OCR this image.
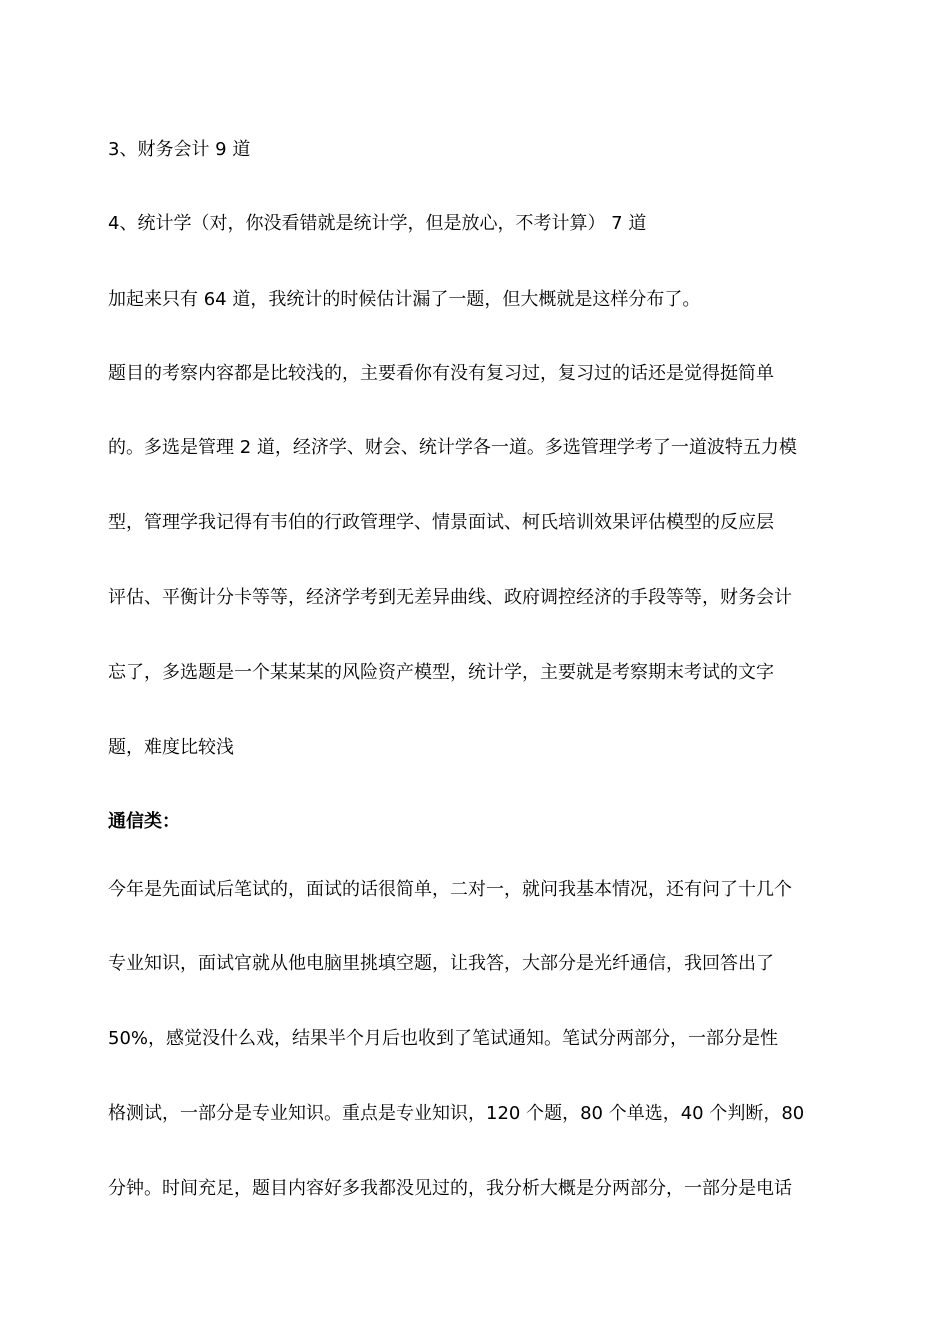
3、财务会计 9 道
4、统计学（对，你没看错就是统计学，但是放心，不考计算） 7 道
加起来只有 64 道，我统计的时候估计漏了一题，但大概就是这样分布了。
题目的考察内容都是比较浅的，主要看你有没有复习过，复习过的话还是觉得挺简单
的。多选是管理 2 道，经济学、财会、统计学各一道。多选管理学考了一道波特五力模
型，管理学我记得有韦伯的行政管理学、情景面试、柯氏培训效果评估模型的反应层
评估、平衡计分卡等等，经济学考到无差异曲线、政府调控经济的手段等等，财务会计
忘了，多选题是一个某某某的风险资产模型，统计学，主要就是考察期末考试的文字
题，难度比较浅
通信类：
今年是先面试后笔试的，面试的话很简单，二对一，就问我基本情况，还有问了十几个
专业知识，面试官就从他电脑里挑填空题，让我答，大部分是光纤通信，我回答出了
50%，感觉没什么戏，结果半个月后也收到了笔试通知。笔试分两部分，一部分是性
格测试，一部分是专业知识。重点是专业知识，120 个题，80 个单选，40 个判断，80
分钟。时间充足，题目内容好多我都没见过的，我分析大概是分两部分，一部分是电话
